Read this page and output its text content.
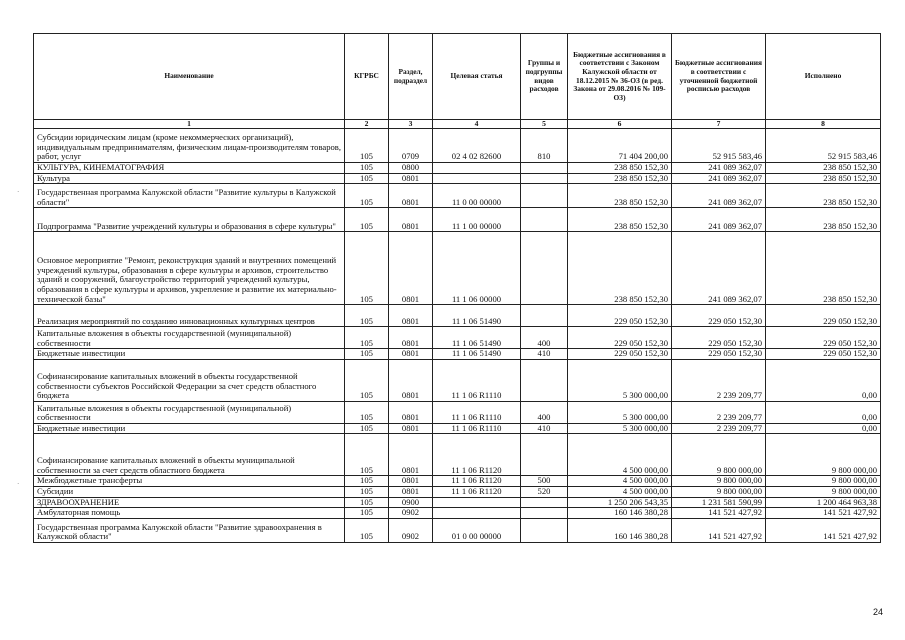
Наименование	КГРБС	Раздел, подраздел	Целевая статья	Группы и подгруппы видов расходов	Бюджетные ассигнования в соответствии с Законом Калужской области от 18.12.2015 № 36-ОЗ (в ред. Закона от 29.08.2016 № 109-ОЗ)	Бюджетные ассигнования в соответствии с уточненной бюджетной росписью расходов	Исполнено
1	2	3	4	5	6	7	8
Субсидии юридическим лицам (кроме некоммерческих организаций), индивидуальным предпринимателям, физическим лицам-производителям товаров, работ, услуг	105	0709	02 4 02 82600	810	71 404 200,00	52 915 583,46	52 915 583,46
КУЛЬТУРА, КИНЕМАТОГРАФИЯ	105	0800			238 850 152,30	241 089 362,07	238 850 152,30
Культура	105	0801			238 850 152,30	241 089 362,07	238 850 152,30
Государственная программа Калужской области "Развитие культуры в Калужской области"	105	0801	11 0 00 00000		238 850 152,30	241 089 362,07	238 850 152,30
Подпрограмма "Развитие учреждений культуры и образования в сфере культуры"	105	0801	11 1 00 00000		238 850 152,30	241 089 362,07	238 850 152,30
Основное мероприятие "Ремонт, реконструкция зданий и внутренних помещений учреждений культуры, образования в сфере культуры и архивов, строительство зданий и сооружений, благоустройство территорий учреждений культуры, образования в сфере культуры и архивов, укрепление и развитие их материально-технической базы"	105	0801	11 1 06 00000		238 850 152,30	241 089 362,07	238 850 152,30
Реализация мероприятий по созданию инновационных культурных центров	105	0801	11 1 06 51490		229 050 152,30	229 050 152,30	229 050 152,30
Капитальные вложения в объекты государственной (муниципальной) собственности	105	0801	11 1 06 51490	400	229 050 152,30	229 050 152,30	229 050 152,30
Бюджетные инвестиции	105	0801	11 1 06 51490	410	229 050 152,30	229 050 152,30	229 050 152,30
Софинансирование капитальных вложений в объекты государственной собственности субъектов Российской Федерации за счет средств областного бюджета	105	0801	11 1 06 R1110		5 300 000,00	2 239 209,77	0,00
Капитальные вложения в объекты государственной (муниципальной) собственности	105	0801	11 1 06 R1110	400	5 300 000,00	2 239 209,77	0,00
Бюджетные инвестиции	105	0801	11 1 06 R1110	410	5 300 000,00	2 239 209,77	0,00
Софинансирование капитальных вложений в объекты муниципальной собственности за счет средств областного бюджета	105	0801	11 1 06 R1120		4 500 000,00	9 800 000,00	9 800 000,00
Межбюджетные трансферты	105	0801	11 1 06 R1120	500	4 500 000,00	9 800 000,00	9 800 000,00
Субсидии	105	0801	11 1 06 R1120	520	4 500 000,00	9 800 000,00	9 800 000,00
ЗДРАВООХРАНЕНИЕ	105	0900			1 250 206 543,35	1 231 581 590,99	1 200 464 963,38
Амбулаторная помощь	105	0902			160 146 380,28	141 521 427,92	141 521 427,92
Государственная программа Калужской области "Развитие здравоохранения в Калужской области"	105	0902	01 0 00 00000		160 146 380,28	141 521 427,92	141 521 427,92
·
·
24
